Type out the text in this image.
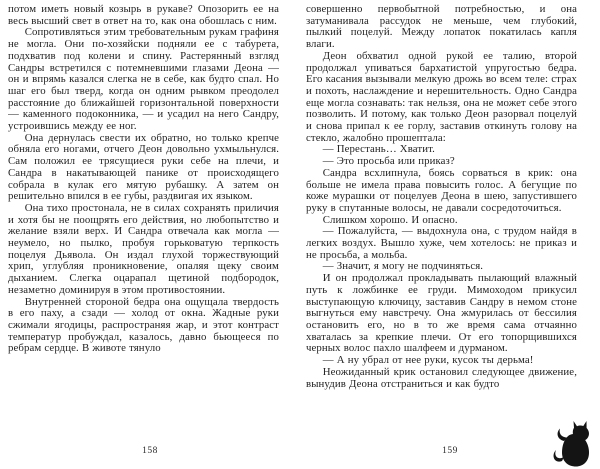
потом иметь новый козырь в рукаве? Опозорить ее на весь высший свет в ответ на то, как она обошлась с ним.

Сопротивляться этим требовательным рукам графиня не могла. Они по-хозяйски подняли ее с табурета, подхватив под колени и спину. Растерянный взгляд Сандры встретился с потемневшими глазами Деона — он и впрямь казался слегка не в себе, как будто спал. Но шаг его был тверд, когда он одним рывком преодолел расстояние до ближайшей горизонтальной поверхности — каменного подоконника, — и усадил на него Сандру, устроившись между ее ног.

Она дернулась свести их обратно, но только крепче обняла его ногами, отчего Деон довольно ухмыльнулся. Сам положил ее трясущиеся руки себе на плечи, и Сандра в накатывающей панике от происходящего собрала в кулак его мятую рубашку. А затем он решительно впился в ее губы, раздвигая их языком.

Она тихо простонала, не в силах сохранять приличия и хотя бы не поощрять его действия, но любопытство и желание взяли верх. И Сандра отвечала как могла — неумело, но пылко, пробуя горьковатую терпкость поцелуя Дьявола. Он издал глухой торжествующий хрип, углубляя проникновение, опаляя щеку своим дыханием. Слегка оцарапал щетиной подбородок, незаметно доминируя в этом противостоянии.

Внутренней стороной бедра она ощущала твердость в его паху, а сзади — холод от окна. Жадные руки сжимали ягодицы, распространяя жар, и этот контраст температур пробуждал, казалось, давно бьющееся по ребрам сердце. В животе тянуло

158

совершенно первобытной потребностью, и она затуманивала рассудок не меньше, чем глубокий, пылкий поцелуй. Между лопаток покатилась капля влаги.

Деон обхватил одной рукой ее талию, второй продолжал упиваться бархатистой упругостью бедра. Его касания вызывали мелкую дрожь во всем теле: страх и похоть, наслаждение и нерешительность. Одно Сандра еще могла сознавать: так нельзя, она не может себе этого позволить. И потому, как только Деон разорвал поцелуй и снова припал к ее горлу, заставив откинуть голову на стекло, жалобно прошептала:

— Перестань… Хватит.

— Это просьба или приказ?

Сандра всхлипнула, боясь сорваться в крик: она больше не имела права повысить голос. А бегущие по коже мурашки от поцелуев Деона в шею, запустившего руку в спутанные волосы, не давали сосредоточиться.

Слишком хорошо. И опасно.

— Пожалуйста, — выдохнула она, с трудом найдя в легких воздух. Вышло хуже, чем хотелось: не приказ и не просьба, а мольба.

— Значит, я могу не подчиняться.

И он продолжал прокладывать пылающий влажный путь к ложбинке ее груди. Мимоходом прикусил выступающую ключицу, заставив Сандру в немом стоне выгнуться ему навстречу. Она жмурилась от бессилия остановить его, но в то же время сама отчаянно хваталась за крепкие плечи. От его топорщившихся черных волос пахло шалфеем и дурманом.

— А ну убрал от нее руки, кусок ты дерьма!

Неожиданный крик остановил следующее движение, вынудив Деона отстраниться и как будто

159
